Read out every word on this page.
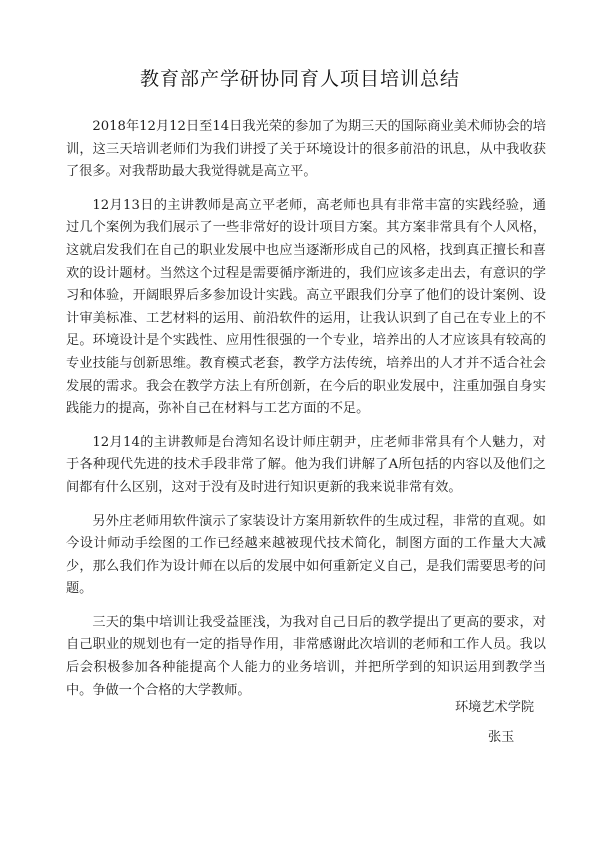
教育部产学研协同育人项目培训总结

2018年12月12日至14日我光荣的参加了为期三天的国际商业美术师协会的培训，这三天培训老师们为我们讲授了关于环境设计的很多前沿的讯息，从中我收获了很多。对我帮助最大我觉得就是高立平。

12月13日的主讲教师是高立平老师，高老师也具有非常丰富的实践经验，通过几个案例为我们展示了一些非常好的设计项目方案。其方案非常具有个人风格，这就启发我们在自己的职业发展中也应当逐渐形成自己的风格，找到真正擅长和喜欢的设计题材。当然这个过程是需要循序渐进的，我们应该多走出去，有意识的学习和体验，开阔眼界后多参加设计实践。高立平跟我们分享了他们的设计案例、设计审美标准、工艺材料的运用、前沿软件的运用，让我认识到了自己在专业上的不足。环境设计是个实践性、应用性很强的一个专业，培养出的人才应该具有较高的专业技能与创新思维。教育模式老套，教学方法传统，培养出的人才并不适合社会发展的需求。我会在教学方法上有所创新，在今后的职业发展中，注重加强自身实践能力的提高，弥补自己在材料与工艺方面的不足。

12月14的主讲教师是台湾知名设计师庄朝尹，庄老师非常具有个人魅力，对于各种现代先进的技术手段非常了解。他为我们讲解了A所包括的内容以及他们之间都有什么区别，这对于没有及时进行知识更新的我来说非常有效。

另外庄老师用软件演示了家装设计方案用新软件的生成过程，非常的直观。如今设计师动手绘图的工作已经越来越被现代技术简化，制图方面的工作量大大减少，那么我们作为设计师在以后的发展中如何重新定义自己，是我们需要思考的问题。

三天的集中培训让我受益匪浅，为我对自己日后的教学提出了更高的要求，对自己职业的规划也有一定的指导作用，非常感谢此次培训的老师和工作人员。我以后会积极参加各种能提高个人能力的业务培训，并把所学到的知识运用到教学当中。争做一个合格的大学教师。

环境艺术学院
张玉
